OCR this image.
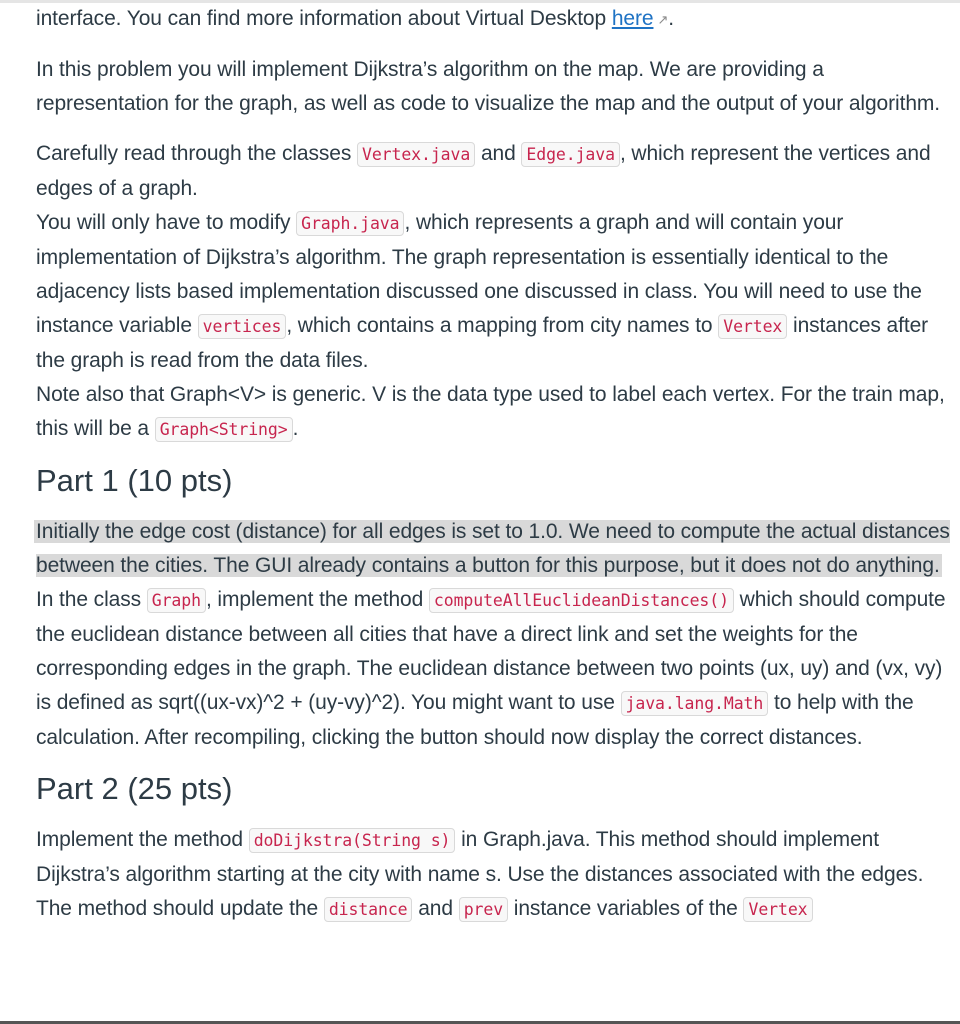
interface. You can find more information about Virtual Desktop here ↗.

In this problem you will implement Dijkstra’s algorithm on the map. We are providing a representation for the graph, as well as code to visualize the map and the output of your algorithm.

Carefully read through the classes Vertex.java and Edge.java , which represent the vertices and edges of a graph.
You will only have to modify Graph.java , which represents a graph and will contain your implementation of Dijkstra’s algorithm. The graph representation is essentially identical to the adjacency lists based implementation discussed one discussed in class. You will need to use the instance variable vertices , which contains a mapping from city names to Vertex instances after the graph is read from the data files.
Note also that Graph<V> is generic. V is the data type used to label each vertex. For the train map, this will be a Graph<String> .

Part 1 (10 pts)

Initially the edge cost (distance) for all edges is set to 1.0. We need to compute the actual distances between the cities. The GUI already contains a button for this purpose, but it does not do anything. In the class Graph , implement the method computeAllEuclideanDistances() which should compute the euclidean distance between all cities that have a direct link and set the weights for the corresponding edges in the graph. The euclidean distance between two points (ux, uy) and (vx, vy) is defined as sqrt((ux-vx)^2 + (uy-vy)^2). You might want to use java.lang.Math to help with the calculation. After recompiling, clicking the button should now display the correct distances.

Part 2 (25 pts)

Implement the method doDijkstra(String s) in Graph.java. This method should implement Dijkstra’s algorithm starting at the city with name s. Use the distances associated with the edges. The method should update the distance and prev instance variables of the Vertex
